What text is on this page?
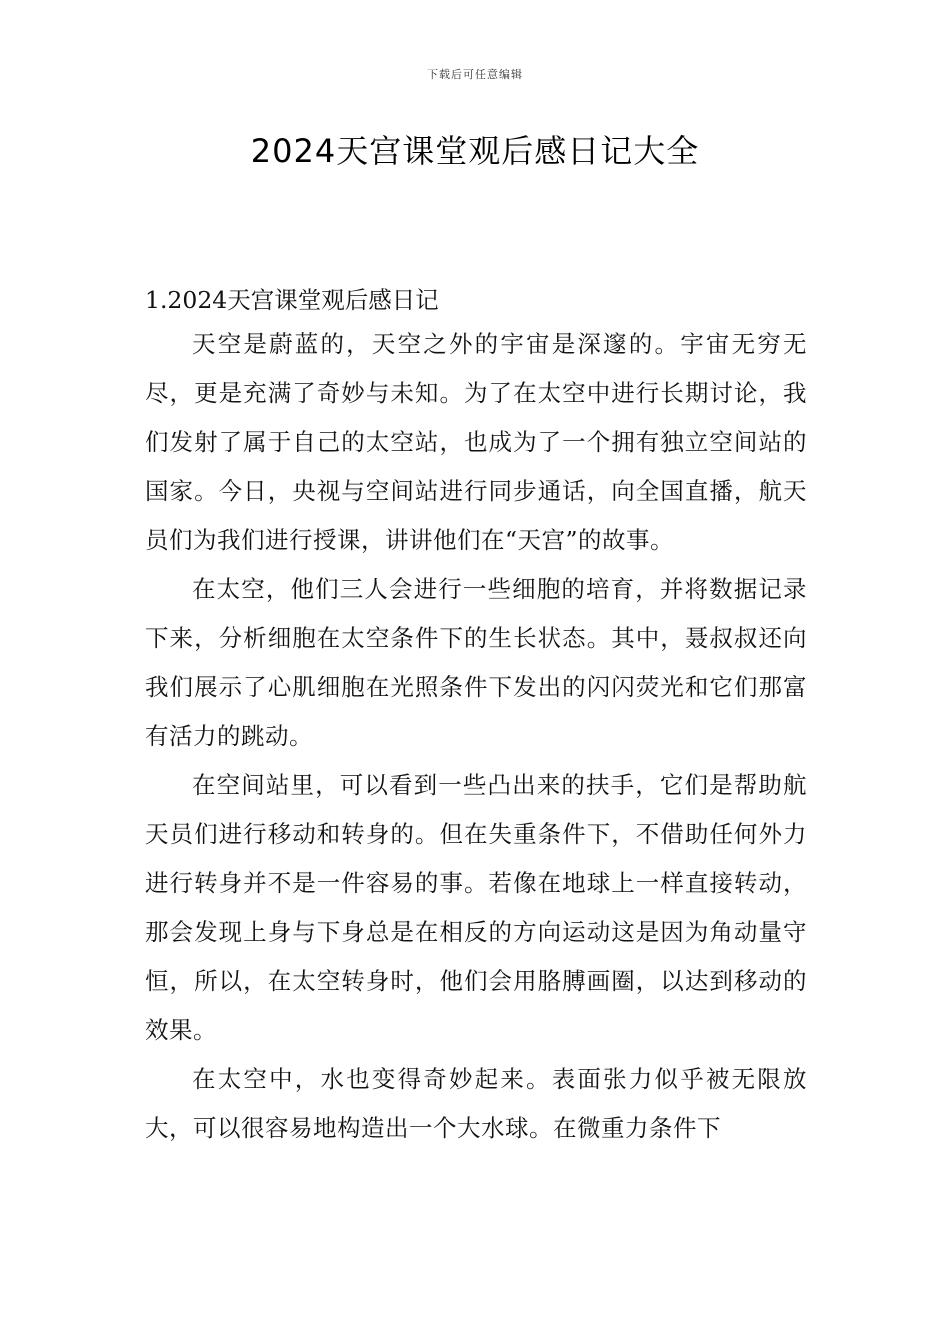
下载后可任意编辑
2024天宫课堂观后感日记大全
1.2024天宫课堂观后感日记

天空是蔚蓝的，天空之外的宇宙是深邃的。宇宙无穷无尽，更是充满了奇妙与未知。为了在太空中进行长期讨论，我们发射了属于自己的太空站，也成为了一个拥有独立空间站的国家。今日，央视与空间站进行同步通话，向全国直播，航天员们为我们进行授课，讲讲他们在“天宫”的故事。

在太空，他们三人会进行一些细胞的培育，并将数据记录下来，分析细胞在太空条件下的生长状态。其中，聂叔叔还向我们展示了心肌细胞在光照条件下发出的闪闪荧光和它们那富有活力的跳动。

在空间站里，可以看到一些凸出来的扶手，它们是帮助航天员们进行移动和转身的。但在失重条件下，不借助任何外力进行转身并不是一件容易的事。若像在地球上一样直接转动，那会发现上身与下身总是在相反的方向运动这是因为角动量守恒，所以，在太空转身时，他们会用胳膊画圈，以达到移动的效果。

在太空中，水也变得奇妙起来。表面张力似乎被无限放大，可以很容易地构造出一个大水球。在微重力条件下
